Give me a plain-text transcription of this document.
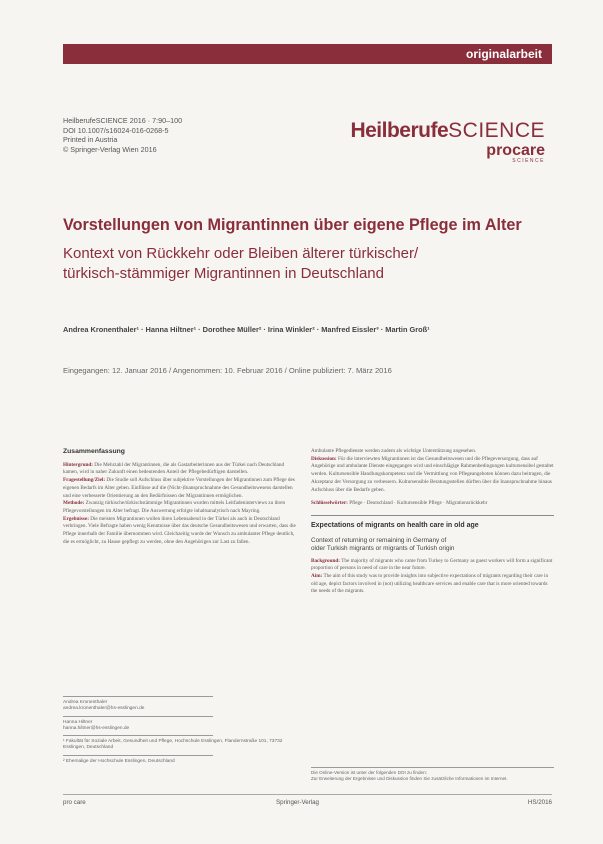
originalarbeit
HeilberufeSCIENCE 2016 · 7:90–100
DOI 10.1007/s16024-016-0268-5
Printed in Austria
© Springer-Verlag Wien 2016
HeilberufeSCIENCE
procare
SCIENCE
Vorstellungen von Migrantinnen über eigene Pflege im Alter
Kontext von Rückkehr oder Bleiben älterer türkischer/
türkisch-stämmiger Migrantinnen in Deutschland
Andrea Kronenthaler¹ · Hanna Hiltner¹ · Dorothee Müller² · Irina Winkler² · Manfred Eissler³ · Martin Groß¹
Eingegangen: 12. Januar 2016 / Angenommen: 10. Februar 2016 / Online publiziert: 7. März 2016
Zusammenfassung

Hintergrund: Die Mehrzahl der Migrantinnen, die als Gastarbeiterinnen aus der Türkei nach Deutschland kamen, wird in naher Zukunft einen bedeutenden Anteil der Pflegebedürftigen darstellen.

Fragestellung/Ziel: Die Studie soll Aufschluss über subjektive Vorstellungen der Migrantinnen zum Pflege des eigenen Bedarfs im Alter geben. Einflüsse auf die (Nicht-)Inanspruchnahme des Gesundheitswesens darstellen und eine verbesserte Orientierung an den Bedürfnissen der Migrantinnen ermöglichen.

Methode: Zwanzig türkische/türkischstämmige Migrantinnen wurden mittels Leitfadeninterviews zu ihren Pflegevorstellungen im Alter befragt. Die Auswertung erfolgte inhaltsanalytisch nach Mayring.

Ergebnisse: Die meisten Migrantinnen wollen ihren Lebensabend in der Türkei als auch in Deutschland verbringen. Viele Befragte haben wenig Kenntnisse über das deutsche Gesundheitswesen und erwarten, dass die Pflege innerhalb der Familie übernommen wird. Gleichzeitig wurde der Wunsch zu ambulanter Pflege deutlich, die es ermöglicht, zu Hause gepflegt zu werden, ohne den Angehörigen zur Last zu fallen.

Ambulante Pflegedienste werden zudem als wichtige Unterstützung angesehen.

Diskussion: Für die interviewten Migrantinnen ist das Gesundheitswesen und die Pflegeversorgung, dass auf Angehörige und ambulante Dienste eingegangen wird und einschlägige Rahmenbedingungen kultursensibel gestaltet werden. Kultursensible Handlungskompetenz und die Vermittlung von Pflegeangeboten können dazu beitragen, die Akzeptanz der Versorgung zu verbessern. Kultursensible Beratungsstellen dürften über die Inanspruchnahme hinaus Aufschluss über die Bedarfe geben.

Schlüsselwörter: Pflege · Deutschland · Kultursensible Pflege · Migrationsrückkehr

Expectations of migrants on health care in old age
Context of returning or remaining in Germany of
older Turkish migrants or migrants of Turkish origin

Background: The majority of migrants who came from Turkey to Germany as guest workers will form a significant proportion of persons in need of care in the near future.

Aim: The aim of this study was to provide insights into subjective expectations of migrants regarding their care in old age, depict factors involved in (not) utilizing healthcare services and enable care that is more oriented towards the needs of the migrants.

Andrea Kronenthaler
andrea.kronenthaler@hs-esslingen.de
Hanna Hiltner
hanna.hiltner@hs-esslingen.de
¹ Fakultät für Soziale Arbeit, Gesundheit und Pflege, Hochschule Esslingen, Flandernstraße 101, 73732 Esslingen, Deutschland
² Ehemalige der Hochschule Esslingen, Deutschland
Die Online-Version ist unter der folgenden DOI zu finden:
Zur Erweiterung der Ergebnisse und Diskussion finden Sie zusätzliche Informationen im Internet.
pro care	Springer-Verlag	HS/2016
